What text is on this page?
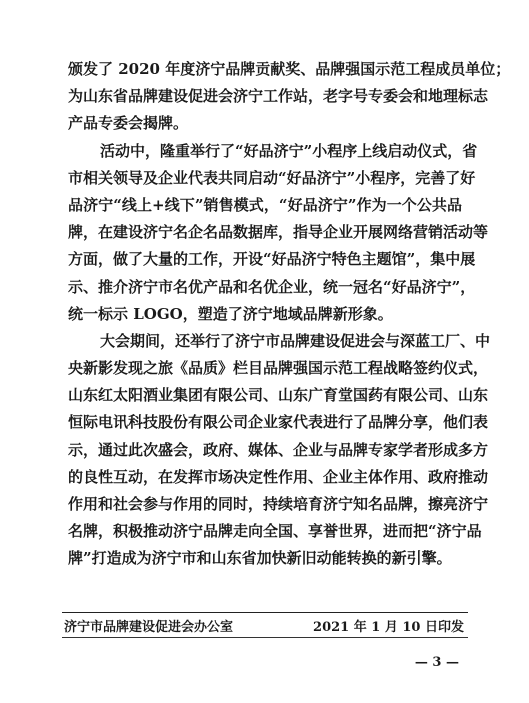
颁发了 2020 年度济宁品牌贡献奖、品牌强国示范工程成员单位；
为山东省品牌建设促进会济宁工作站，老字号专委会和地理标志
产品专委会揭牌。
活动中，隆重举行了“好品济宁”小程序上线启动仪式，省
市相关领导及企业代表共同启动“好品济宁”小程序，完善了好
品济宁“线上+线下”销售模式，“好品济宁”作为一个公共品
牌，在建设济宁名企名品数据库，指导企业开展网络营销活动等
方面，做了大量的工作，开设“好品济宁特色主题馆”，集中展
示、推介济宁市名优产品和名优企业，统一冠名“好品济宁”，
统一标示 LOGO，塑造了济宁地域品牌新形象。
大会期间，还举行了济宁市品牌建设促进会与深蓝工厂、中
央新影发现之旅《品质》栏目品牌强国示范工程战略签约仪式，
山东红太阳酒业集团有限公司、山东广育堂国药有限公司、山东
恒际电讯科技股份有限公司企业家代表进行了品牌分享，他们表
示，通过此次盛会，政府、媒体、企业与品牌专家学者形成多方
的良性互动，在发挥市场决定性作用、企业主体作用、政府推动
作用和社会参与作用的同时，持续培育济宁知名品牌，擦亮济宁
名牌，积极推动济宁品牌走向全国、享誉世界，进而把“济宁品
牌”打造成为济宁市和山东省加快新旧动能转换的新引擎。
济宁市品牌建设促进会办公室	2021 年 1 月 10 日印发
— 3 —
